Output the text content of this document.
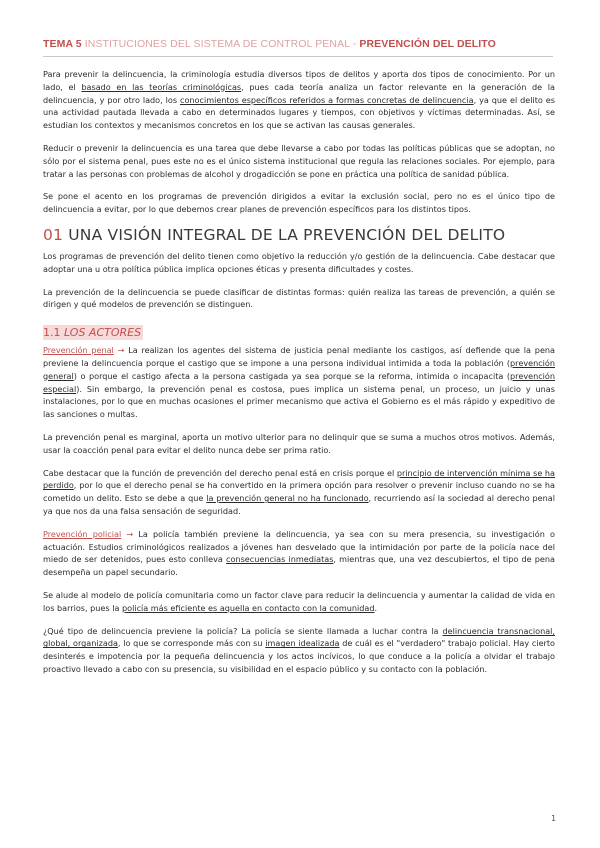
TEMA 5 INSTITUCIONES DEL SISTEMA DE CONTROL PENAL - PREVENCIÓN DEL DELITO

Para prevenir la delincuencia, la criminología estudia diversos tipos de delitos y aporta dos tipos de conocimiento. Por un lado, el basado en las teorías criminológicas, pues cada teoría analiza un factor relevante en la generación de la delincuencia, y por otro lado, los conocimientos específicos referidos a formas concretas de delincuencia, ya que el delito es una actividad pautada llevada a cabo en determinados lugares y tiempos, con objetivos y víctimas determinadas. Así, se estudian los contextos y mecanismos concretos en los que se activan las causas generales.

Reducir o prevenir la delincuencia es una tarea que debe llevarse a cabo por todas las políticas públicas que se adoptan, no sólo por el sistema penal, pues este no es el único sistema institucional que regula las relaciones sociales. Por ejemplo, para tratar a las personas con problemas de alcohol y drogadicción se pone en práctica una política de sanidad pública.

Se pone el acento en los programas de prevención dirigidos a evitar la exclusión social, pero no es el único tipo de delincuencia a evitar, por lo que debemos crear planes de prevención específicos para los distintos tipos.

01 UNA VISIÓN INTEGRAL DE LA PREVENCIÓN DEL DELITO

Los programas de prevención del delito tienen como objetivo la reducción y/o gestión de la delincuencia. Cabe destacar que adoptar una u otra política pública implica opciones éticas y presenta dificultades y costes.

La prevención de la delincuencia se puede clasificar de distintas formas: quién realiza las tareas de prevención, a quién se dirigen y qué modelos de prevención se distinguen.

1.1 LOS ACTORES

Prevención penal → La realizan los agentes del sistema de justicia penal mediante los castigos, así defiende que la pena previene la delincuencia porque el castigo que se impone a una persona individual intimida a toda la población (prevención general) o porque el castigo afecta a la persona castigada ya sea porque se la reforma, intimida o incapacita (prevención especial). Sin embargo, la prevención penal es costosa, pues implica un sistema penal, un proceso, un juicio y unas instalaciones, por lo que en muchas ocasiones el primer mecanismo que activa el Gobierno es el más rápido y expeditivo de las sanciones o multas.

La prevención penal es marginal, aporta un motivo ulterior para no delinquir que se suma a muchos otros motivos. Además, usar la coacción penal para evitar el delito nunca debe ser prima ratio.

Cabe destacar que la función de prevención del derecho penal está en crisis porque el principio de intervención mínima se ha perdido, por lo que el derecho penal se ha convertido en la primera opción para resolver o prevenir incluso cuando no se ha cometido un delito. Esto se debe a que la prevención general no ha funcionado, recurriendo así la sociedad al derecho penal ya que nos da una falsa sensación de seguridad.

Prevención policial → La policía también previene la delincuencia, ya sea con su mera presencia, su investigación o actuación. Estudios criminológicos realizados a jóvenes han desvelado que la intimidación por parte de la policía nace del miedo de ser detenidos, pues esto conlleva consecuencias inmediatas, mientras que, una vez descubiertos, el tipo de pena desempeña un papel secundario.

Se alude al modelo de policía comunitaria como un factor clave para reducir la delincuencia y aumentar la calidad de vida en los barrios, pues la policía más eficiente es aquella en contacto con la comunidad.

¿Qué tipo de delincuencia previene la policía? La policía se siente llamada a luchar contra la delincuencia transnacional, global, organizada, lo que se corresponde más con su imagen idealizada de cuál es el "verdadero" trabajo policial. Hay cierto desinterés e impotencia por la pequeña delincuencia y los actos incívicos, lo que conduce a la policía a olvidar el trabajo proactivo llevado a cabo con su presencia, su visibilidad en el espacio público y su contacto con la población.

1
